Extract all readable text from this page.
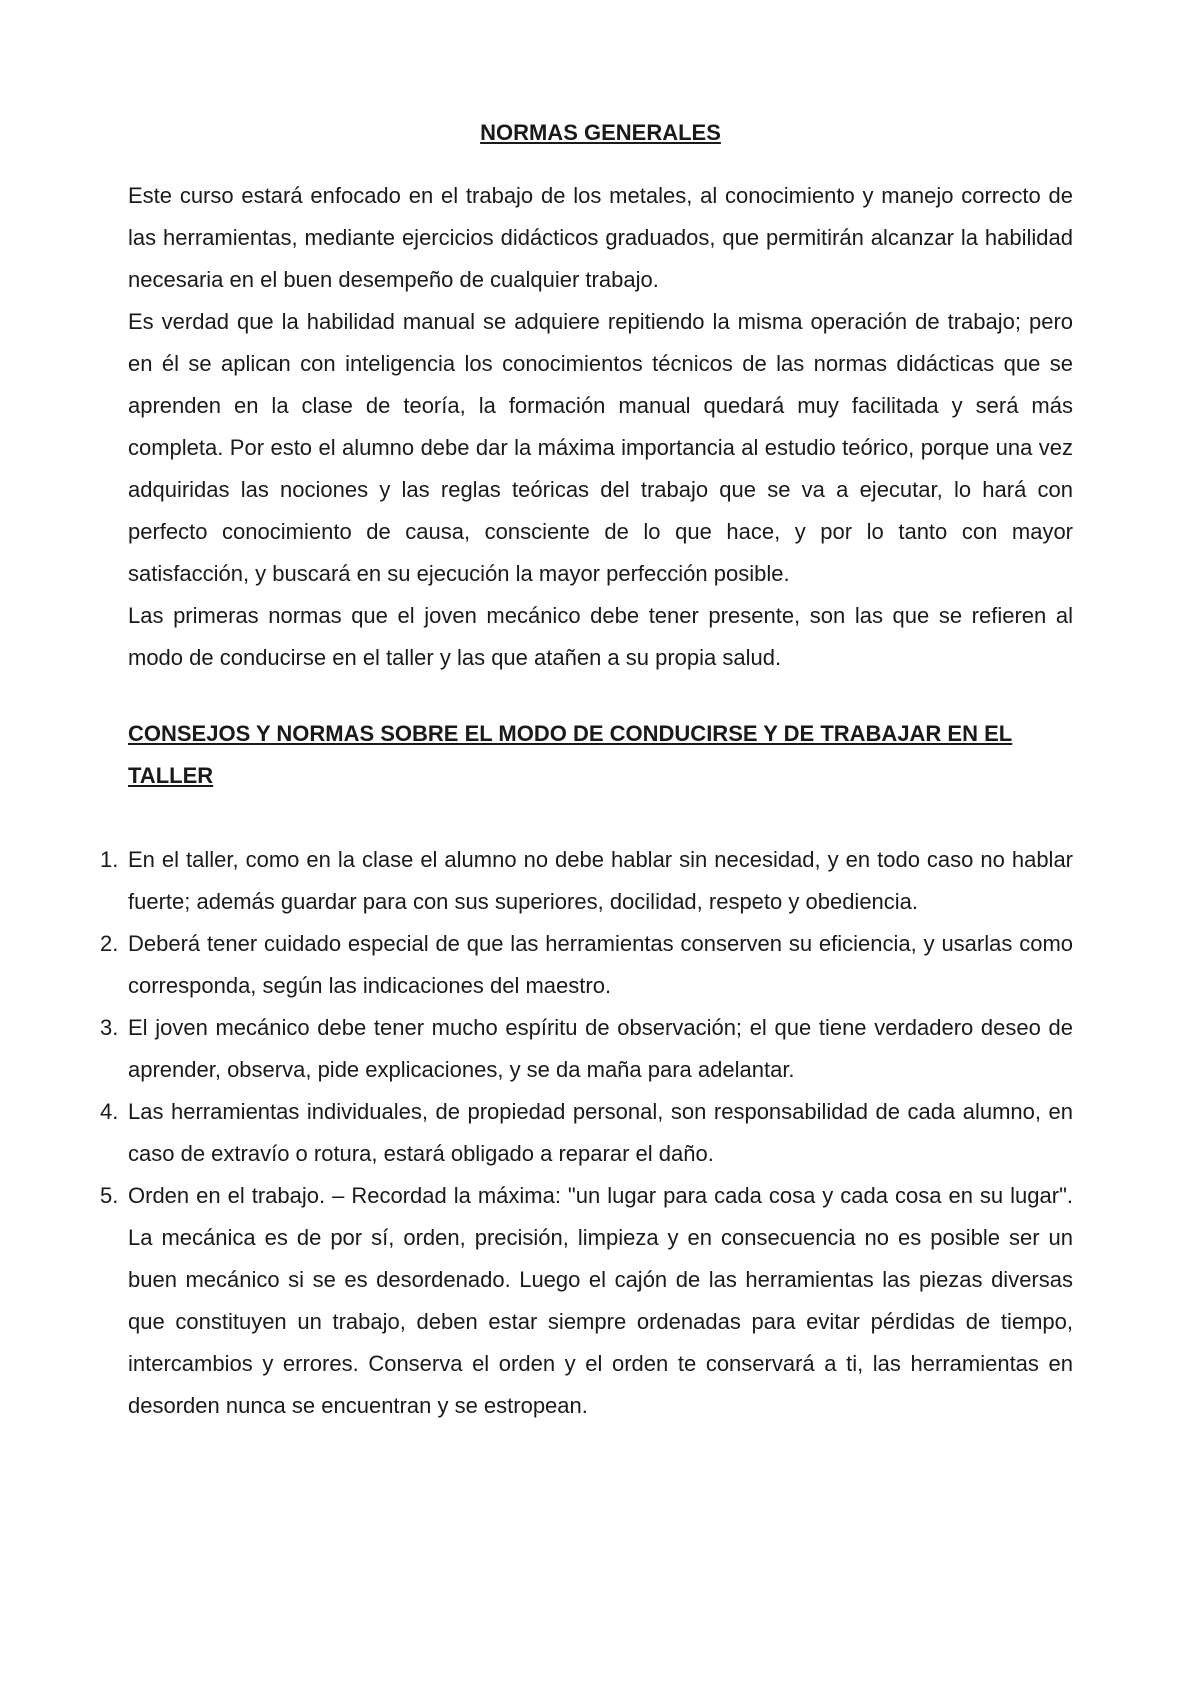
NORMAS GENERALES

Este curso estará enfocado en el trabajo de los metales, al conocimiento y manejo correcto de las herramientas, mediante ejercicios didácticos graduados, que permitirán alcanzar la habilidad necesaria en el buen desempeño de cualquier trabajo.

Es verdad que la habilidad manual se adquiere repitiendo la misma operación de trabajo; pero en él se aplican con inteligencia los conocimientos técnicos de las normas didácticas que se aprenden en la clase de teoría, la formación manual quedará muy facilitada y será más completa. Por esto el alumno debe dar la máxima importancia al estudio teórico, porque una vez adquiridas las nociones y las reglas teóricas del trabajo que se va a ejecutar, lo hará con perfecto conocimiento de causa, consciente de lo que hace, y por lo tanto con mayor satisfacción, y buscará en su ejecución la mayor perfección posible.

Las primeras normas que el joven mecánico debe tener presente, son las que se refieren al modo de conducirse en el taller y las que atañen a su propia salud.

CONSEJOS Y NORMAS SOBRE EL MODO DE CONDUCIRSE Y DE TRABAJAR EN EL TALLER
1. En el taller, como en la clase el alumno no debe hablar sin necesidad, y en todo caso no hablar fuerte; además guardar para con sus superiores, docilidad, respeto y obediencia.
2. Deberá tener cuidado especial de que las herramientas conserven su eficiencia, y usarlas como corresponda, según las indicaciones del maestro.
3. El joven mecánico debe tener mucho espíritu de observación; el que tiene verdadero deseo de aprender, observa, pide explicaciones, y se da maña para adelantar.
4. Las herramientas individuales, de propiedad personal, son responsabilidad de cada alumno, en caso de extravío o rotura, estará obligado a reparar el daño.
5. Orden en el trabajo. – Recordad la máxima: "un lugar para cada cosa y cada cosa en su lugar". La mecánica es de por sí, orden, precisión, limpieza y en consecuencia no es posible ser un buen mecánico si se es desordenado. Luego el cajón de las herramientas las piezas diversas que constituyen un trabajo, deben estar siempre ordenadas para evitar pérdidas de tiempo, intercambios y errores. Conserva el orden y el orden te conservará a ti, las herramientas en desorden nunca se encuentran y se estropean.
